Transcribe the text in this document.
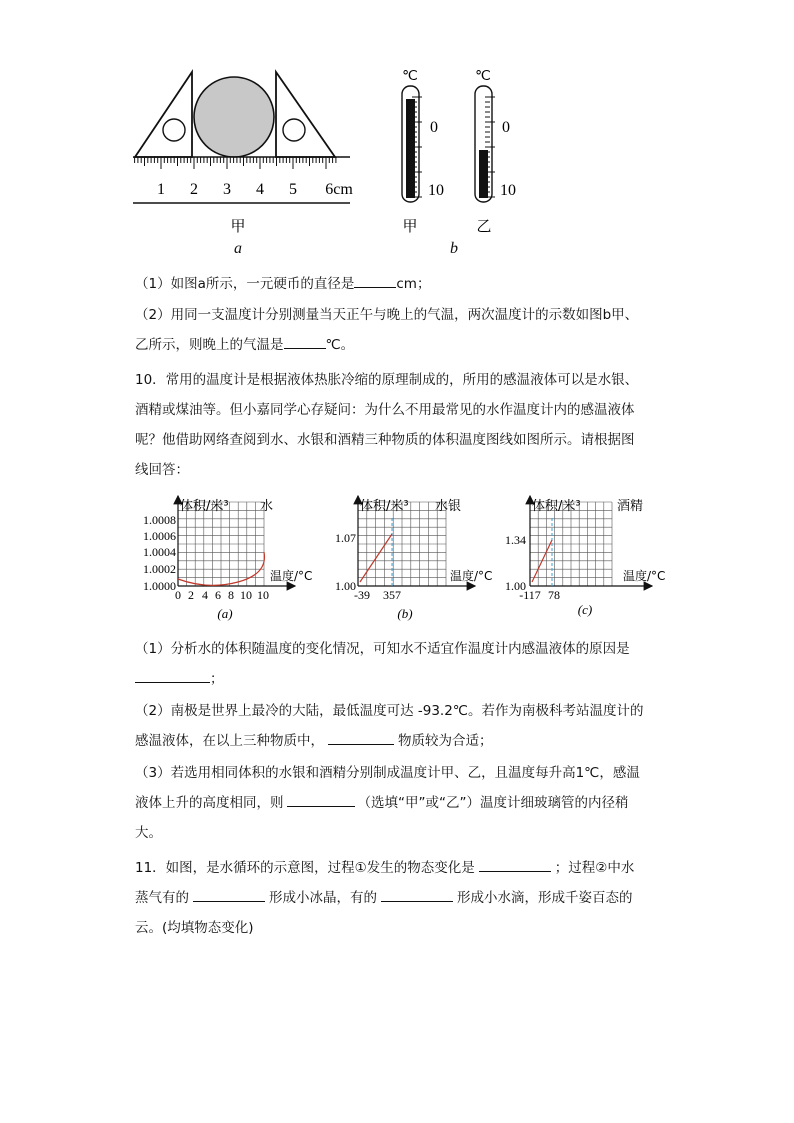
1 2 3 4 5 6cm
甲
a
℃
0
10
甲
℃
0
10
乙
b
（1）如图a所示，一元硬币的直径是	cm；
（2）用同一支温度计分别测量当天正午与晚上的气温，两次温度计的示数如图b甲、
乙所示，则晚上的气温是	℃。
10．常用的温度计是根据液体热胀冷缩的原理制成的，所用的感温液体可以是水银、
酒精或煤油等。但小嘉同学心存疑问：为什么不用最常见的水作温度计内的感温液体
呢？他借助网络查阅到水、水银和酒精三种物质的体积温度图线如图所示。请根据图
线回答：
体积/米³ 水
温度/°C
1.0008
1.0006
1.0004
1.0002
1.0000
0 2 4 6 8 10 10
(a)
体积/米³ 水银
温度/°C
1.07
1.00
-39 357
(b)
体积/米³	酒精
温度/°C
1.34
1.00
-117 78
(c)
（1）分析水的体积随温度的变化情况，可知水不适宜作温度计内感温液体的原因是
；
（2）南极是世界上最冷的大陆，最低温度可达 -93.2℃。若作为南极科考站温度计的
感温液体，在以上三种物质中，	物质较为合适；
（3）若选用相同体积的水银和酒精分别制成温度计甲、乙，且温度每升高1℃，感温
液体上升的高度相同，则	（选填“甲”或“乙”）温度计细玻璃管的内径稍
大。
11．如图，是水循环的示意图，过程①发生的物态变化是	；过程②中水
蒸气有的	形成小冰晶，有的	形成小水滴，形成千姿百态的
云。(均填物态变化)
